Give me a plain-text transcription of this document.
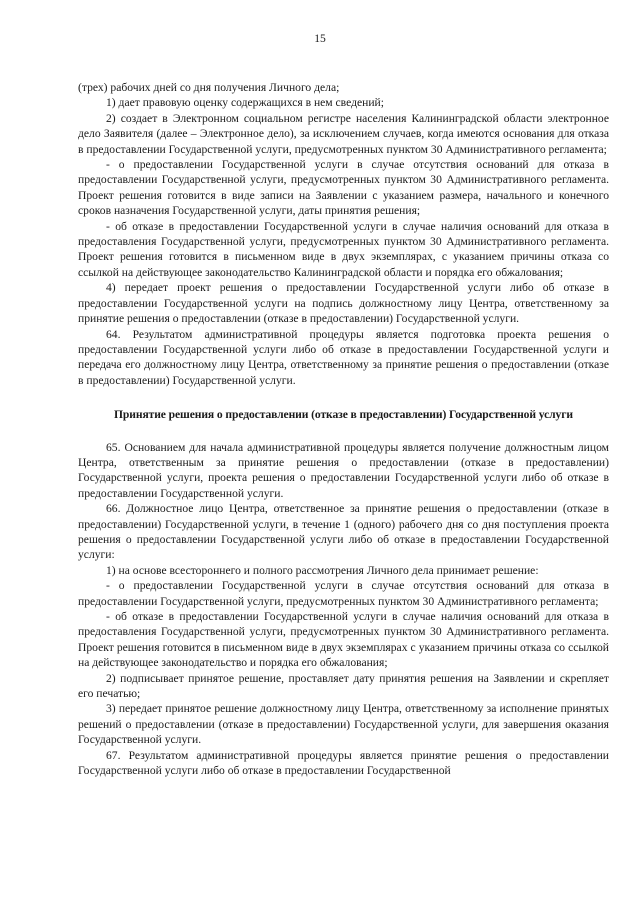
15

(трех) рабочих дней со дня получения Личного дела;

1) дает правовую оценку содержащихся в нем сведений;

2) создает в Электронном социальном регистре населения Калининградской области электронное дело Заявителя (далее – Электронное дело), за исключением случаев, когда имеются основания для отказа в предоставлении Государственной услуги, предусмотренных пунктом 30 Административного регламента;

- о предоставлении Государственной услуги в случае отсутствия оснований для отказа в предоставлении Государственной услуги, предусмотренных пунктом 30 Административного регламента. Проект решения готовится в виде записи на Заявлении с указанием размера, начального и конечного сроков назначения Государственной услуги, даты принятия решения;

- об отказе в предоставлении Государственной услуги в случае наличия оснований для отказа в предоставления Государственной услуги, предусмотренных пунктом 30 Административного регламента. Проект решения готовится в письменном виде в двух экземплярах, с указанием причины отказа со ссылкой на действующее законодательство Калининградской области и порядка его обжалования;

4) передает проект решения о предоставлении Государственной услуги либо об отказе в предоставлении Государственной услуги на подпись должностному лицу Центра, ответственному за принятие решения о предоставлении (отказе в предоставлении) Государственной услуги.

64. Результатом административной процедуры является подготовка проекта решения о предоставлении Государственной услуги либо об отказе в предоставлении Государственной услуги и передача его должностному лицу Центра, ответственному за принятие решения о предоставлении (отказе в предоставлении) Государственной услуги.

Принятие решения о предоставлении (отказе в предоставлении) Государственной услуги

65. Основанием для начала административной процедуры является получение должностным лицом Центра, ответственным за принятие решения о предоставлении (отказе в предоставлении) Государственной услуги, проекта решения о предоставлении Государственной услуги либо об отказе в предоставлении Государственной услуги.

66. Должностное лицо Центра, ответственное за принятие решения о предоставлении (отказе в предоставлении) Государственной услуги, в течение 1 (одного) рабочего дня со дня поступления проекта решения о предоставлении Государственной услуги либо об отказе в предоставлении Государственной услуги:

1) на основе всестороннего и полного рассмотрения Личного дела принимает решение:

- о предоставлении Государственной услуги в случае отсутствия оснований для отказа в предоставлении Государственной услуги, предусмотренных пунктом 30 Административного регламента;

- об отказе в предоставлении Государственной услуги в случае наличия оснований для отказа в предоставления Государственной услуги, предусмотренных пунктом 30 Административного регламента. Проект решения готовится в письменном виде в двух экземплярах с указанием причины отказа со ссылкой на действующее законодательство и порядка его обжалования;

2) подписывает принятое решение, проставляет дату принятия решения на Заявлении и скрепляет его печатью;

3) передает принятое решение должностному лицу Центра, ответственному за исполнение принятых решений о предоставлении (отказе в предоставлении) Государственной услуги, для завершения оказания Государственной услуги.

67. Результатом административной процедуры является принятие решения о предоставлении Государственной услуги либо об отказе в предоставлении Государственной
